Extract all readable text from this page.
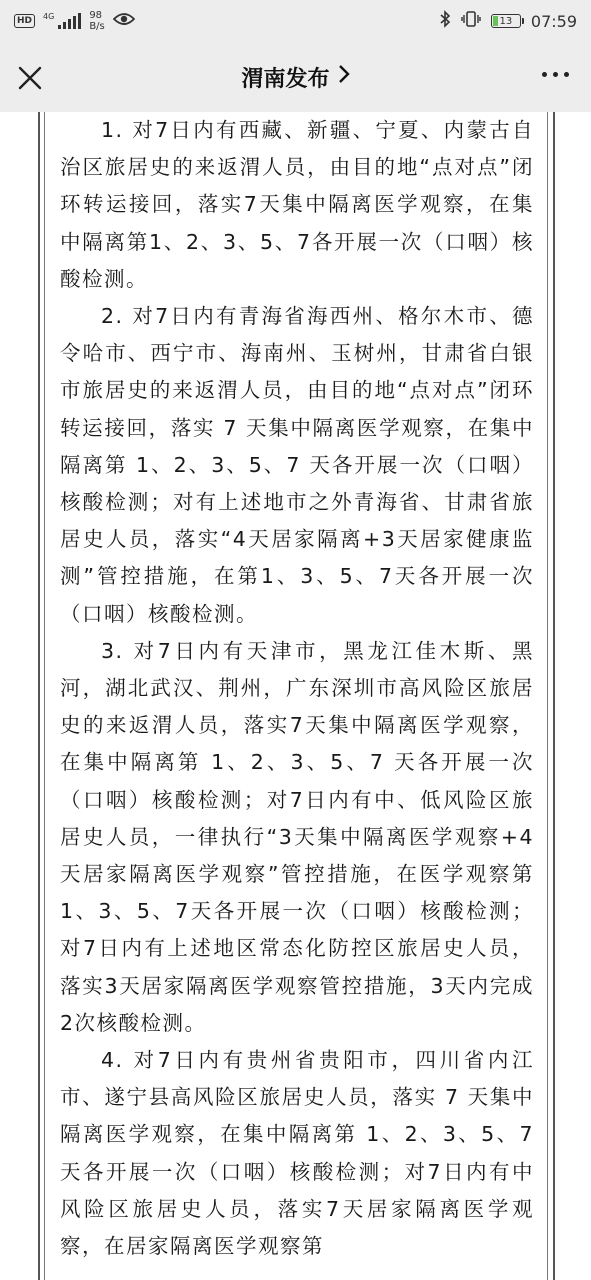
HD	4G	98
B/s	13	07:59
渭南发布

1. 对7日内有西藏、新疆、宁夏、内蒙古自治区旅居史的来返渭人员，由目的地“点对点”闭环转运接回，落实7天集中隔离医学观察，在集中隔离第1、2、3、5、7各开展一次（口咽）核酸检测。

2. 对7日内有青海省海西州、格尔木市、德令哈市、西宁市、海南州、玉树州，甘肃省白银市旅居史的来返渭人员，由目的地“点对点”闭环转运接回，落实 7 天集中隔离医学观察，在集中隔离第 1、2、3、5、7 天各开展一次（口咽）核酸检测；对有上述地市之外青海省、甘肃省旅居史人员，落实“4天居家隔离+3天居家健康监测”管控措施，在第1、3、5、7天各开展一次（口咽）核酸检测。

3. 对7日内有天津市，黑龙江佳木斯、黑河，湖北武汉、荆州，广东深圳市高风险区旅居史的来返渭人员，落实7天集中隔离医学观察，在集中隔离第 1、2、3、5、7 天各开展一次（口咽）核酸检测；对7日内有中、低风险区旅居史人员，一律执行“3天集中隔离医学观察+4天居家隔离医学观察”管控措施，在医学观察第1、3、5、7天各开展一次（口咽）核酸检测；对7日内有上述地区常态化防控区旅居史人员，落实3天居家隔离医学观察管控措施，3天内完成2次核酸检测。

4. 对7日内有贵州省贵阳市，四川省内江市、遂宁县高风险区旅居史人员，落实 7 天集中隔离医学观察，在集中隔离第 1、2、3、5、7 天各开展一次（口咽）核酸检测；对7日内有中风险区旅居史人员，落实7天居家隔离医学观察，在居家隔离医学观察第
